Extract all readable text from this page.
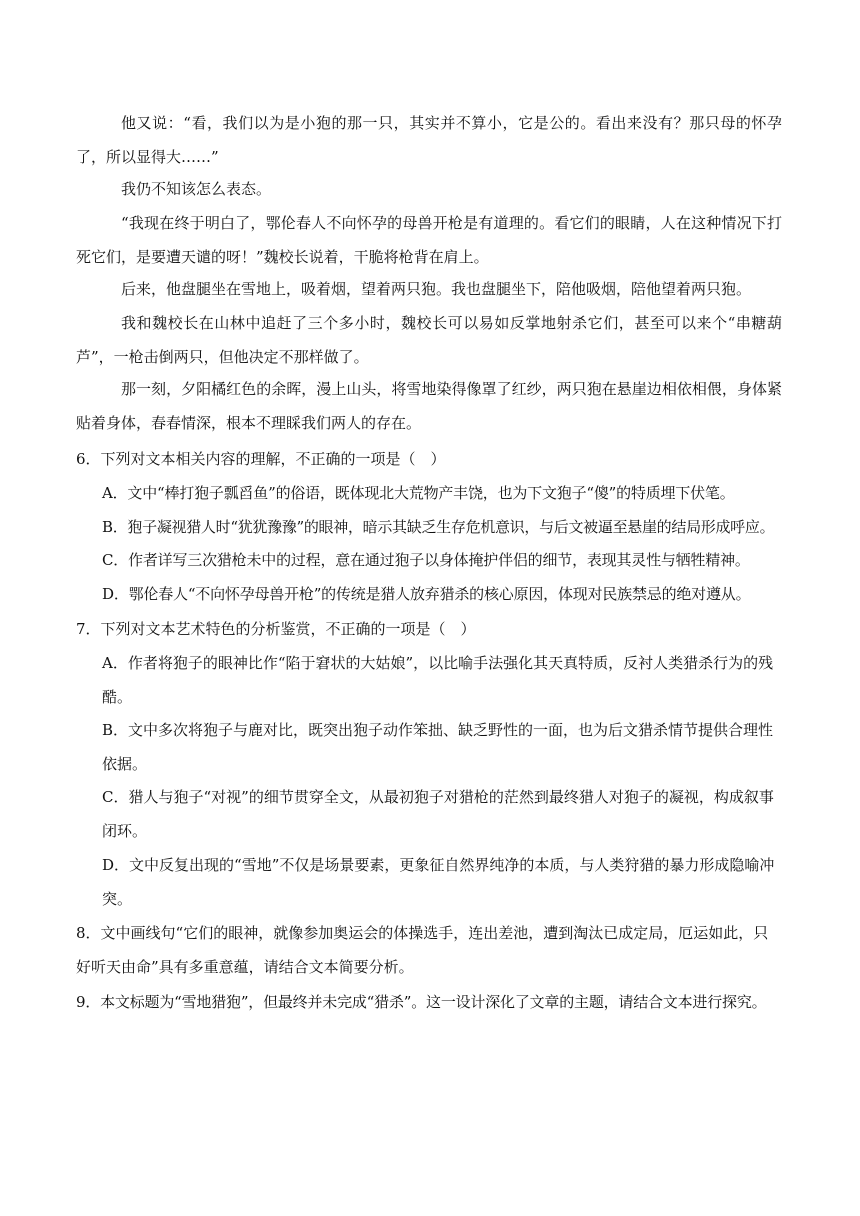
他又说：“看，我们以为是小狍的那一只，其实并不算小，它是公的。看出来没有？那只母的怀孕了，所以显得大……”

我仍不知该怎么表态。

“我现在终于明白了，鄂伦春人不向怀孕的母兽开枪是有道理的。看它们的眼睛，人在这种情况下打死它们，是要遭天谴的呀！”魏校长说着，干脆将枪背在肩上。

后来，他盘腿坐在雪地上，吸着烟，望着两只狍。我也盘腿坐下，陪他吸烟，陪他望着两只狍。

我和魏校长在山林中追赶了三个多小时，魏校长可以易如反掌地射杀它们，甚至可以来个“串糖葫芦”，一枪击倒两只，但他决定不那样做了。

那一刻，夕阳橘红色的余晖，漫上山头，将雪地染得像罩了红纱，两只狍在悬崖边相依相偎，身体紧贴着身体，春春情深，根本不理睬我们两人的存在。

6．下列对文本相关内容的理解，不正确的一项是（　）

A．文中“棒打狍子瓢舀鱼”的俗语，既体现北大荒物产丰饶，也为下文狍子“傻”的特质埋下伏笔。

B．狍子凝视猎人时“犹犹豫豫”的眼神，暗示其缺乏生存危机意识，与后文被逼至悬崖的结局形成呼应。

C．作者详写三次猎枪未中的过程，意在通过狍子以身体掩护伴侣的细节，表现其灵性与牺牲精神。

D．鄂伦春人“不向怀孕母兽开枪”的传统是猎人放弃猎杀的核心原因，体现对民族禁忌的绝对遵从。

7．下列对文本艺术特色的分析鉴赏，不正确的一项是（　）

A．作者将狍子的眼神比作“陷于窘状的大姑娘”，以比喻手法强化其天真特质，反衬人类猎杀行为的残酷。

B．文中多次将狍子与鹿对比，既突出狍子动作笨拙、缺乏野性的一面，也为后文猎杀情节提供合理性依据。

C．猎人与狍子“对视”的细节贯穿全文，从最初狍子对猎枪的茫然到最终猎人对狍子的凝视，构成叙事闭环。

D．文中反复出现的“雪地”不仅是场景要素，更象征自然界纯净的本质，与人类狩猎的暴力形成隐喻冲突。

8．文中画线句“它们的眼神，就像参加奥运会的体操选手，连出差池，遭到淘汰已成定局，厄运如此，只好听天由命”具有多重意蕴，请结合文本简要分析。

9．本文标题为“雪地猎狍”，但最终并未完成“猎杀”。这一设计深化了文章的主题，请结合文本进行探究。
